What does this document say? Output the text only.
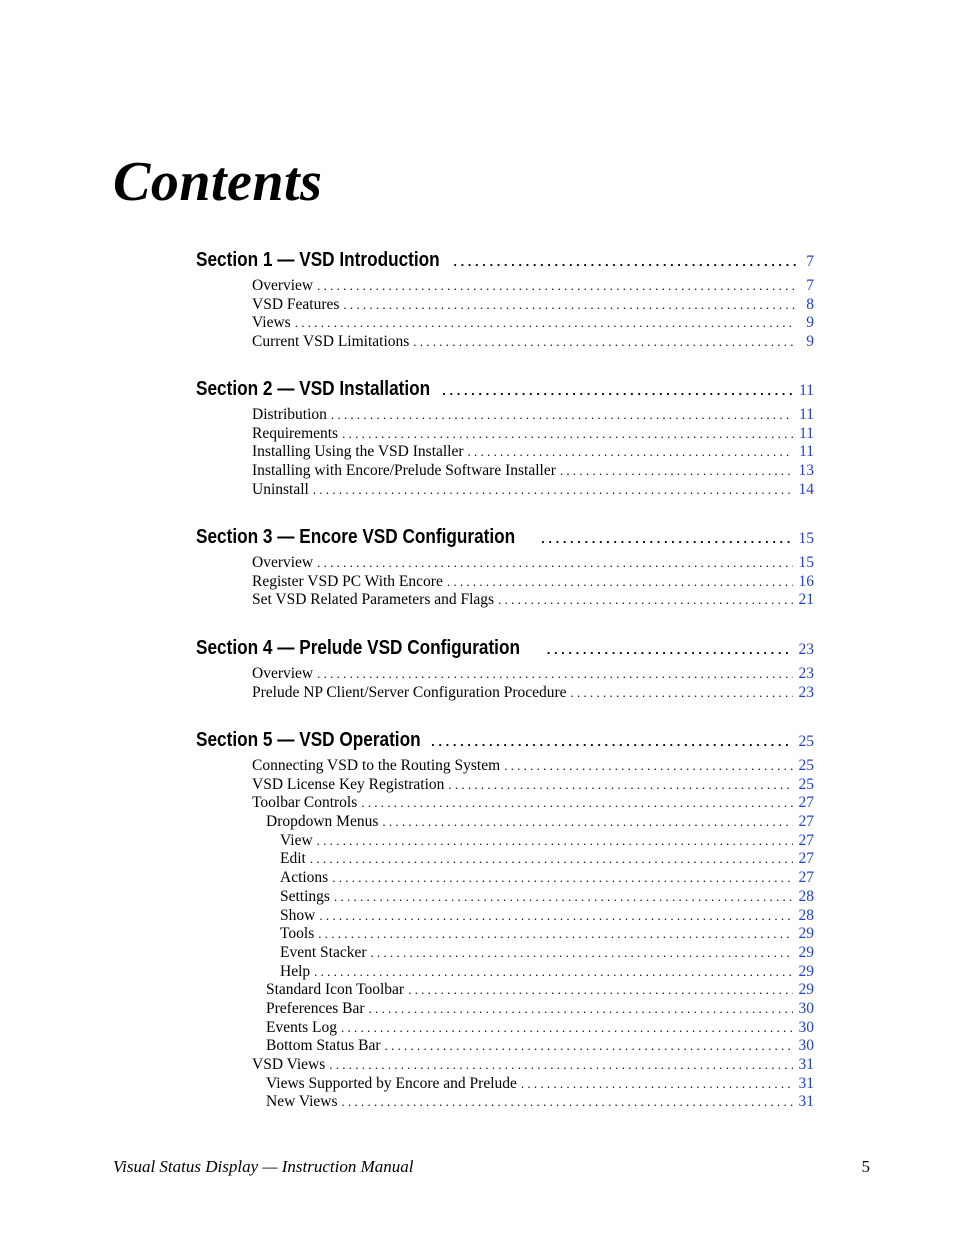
Contents
Section 1 — VSD Introduction . . .	7
Overview . . .	7
VSD Features . . .	8
Views . . .	9
Current VSD Limitations . . .	9
Section 2 — VSD Installation . . .	11
Distribution . . .	11
Requirements . . .	11
Installing Using the VSD Installer . . .	11
Installing with Encore/Prelude Software Installer . . .	13
Uninstall . . .	14
Section 3 — Encore VSD Configuration . . .	15
Overview . . .	15
Register VSD PC With Encore . . .	16
Set VSD Related Parameters and Flags . . .	21
Section 4 — Prelude VSD Configuration . . .	23
Overview . . .	23
Prelude NP Client/Server Configuration Procedure . . .	23
Section 5 — VSD Operation . . .	25
Connecting VSD to the Routing System . . .	25
VSD License Key Registration . . .	25
Toolbar Controls . . .	27
Dropdown Menus . . .	27
View . . .	27
Edit . . .	27
Actions . . .	27
Settings . . .	28
Show . . .	28
Tools . . .	29
Event Stacker . . .	29
Help . . .	29
Standard Icon Toolbar . . .	29
Preferences Bar . . .	30
Events Log . . .	30
Bottom Status Bar . . .	30
VSD Views . . .	31
Views Supported by Encore and Prelude . . .	31
New Views . . .	31
Visual Status Display — Instruction Manual	5
